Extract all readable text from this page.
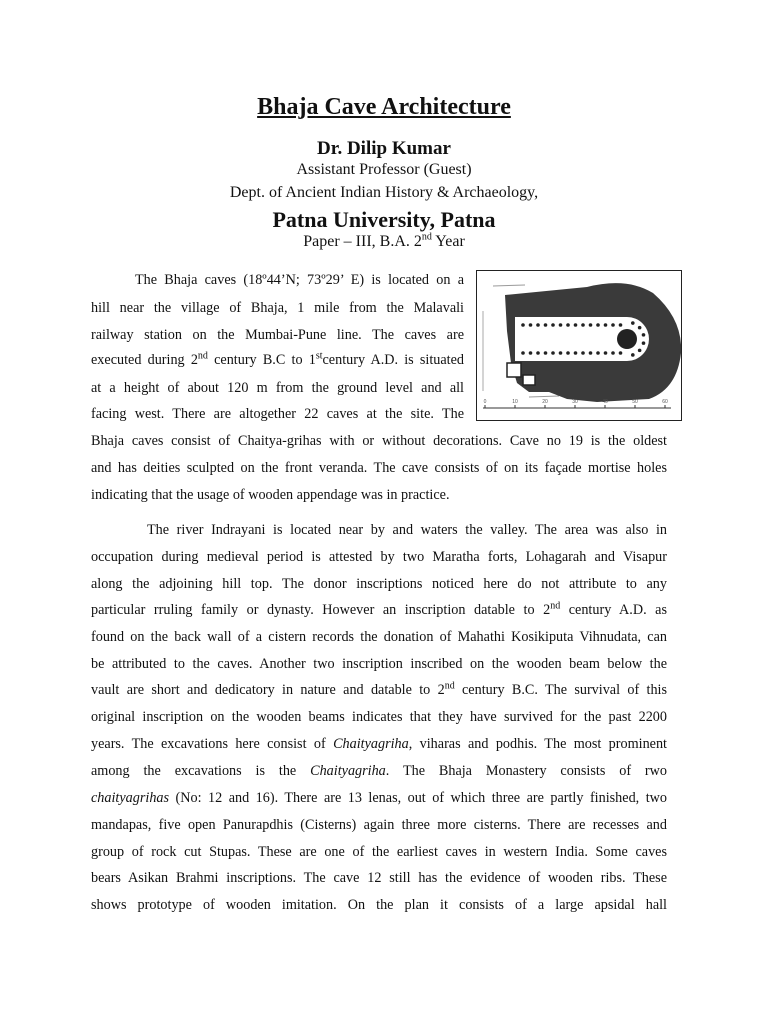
Bhaja Cave Architecture
Dr. Dilip Kumar
Assistant Professor (Guest)
Dept. of Ancient Indian History & Archaeology,
Patna University, Patna
Paper – III, B.A. 2nd Year
0	10	20	30	40	50	60
The Bhaja caves (18º44’N; 73º29’ E) is located on a
hill near the village of Bhaja, 1 mile from the Malavali
railway station on the Mumbai-Pune line. The caves are
executed during 2nd century B.C to 1stcentury A.D. is situated
at a height of about 120 m from the ground level and all
facing west. There are altogether 22 caves at the site. The
Bhaja caves consist of Chaitya-grihas with or without decorations. Cave no 19 is the oldest
and has deities sculpted on the front veranda. The cave consists of on its façade mortise holes
indicating that the usage of wooden appendage was in practice.
The river Indrayani is located near by and waters the valley. The area was also in
occupation during medieval period is attested by two Maratha forts, Lohagarah and Visapur
along the adjoining hill top. The donor inscriptions noticed here do not attribute to any
particular rruling family or dynasty. However an inscription datable to 2nd century A.D. as
found on the back wall of a cistern records the donation of Mahathi Kosikiputa Vihnudata, can
be attributed to the caves. Another two inscription inscribed on the wooden beam below the
vault are short and dedicatory in nature and datable to 2nd century B.C. The survival of this
original inscription on the wooden beams indicates that they have survived for the past 2200
years. The excavations here consist of Chaityagriha, viharas and podhis. The most prominent
among the excavations is the Chaityagriha. The Bhaja Monastery consists of rwo
chaityagrihas (No: 12 and 16). There are 13 lenas, out of which three are partly finished, two
mandapas, five open Panurapdhis (Cisterns) again three more cisterns. There are recesses and
group of rock cut Stupas. These are one of the earliest caves in western India. Some caves
bears Asikan Brahmi inscriptions. The cave 12 still has the evidence of wooden ribs. These
shows prototype of wooden imitation. On the plan it consists of a large apsidal hall
